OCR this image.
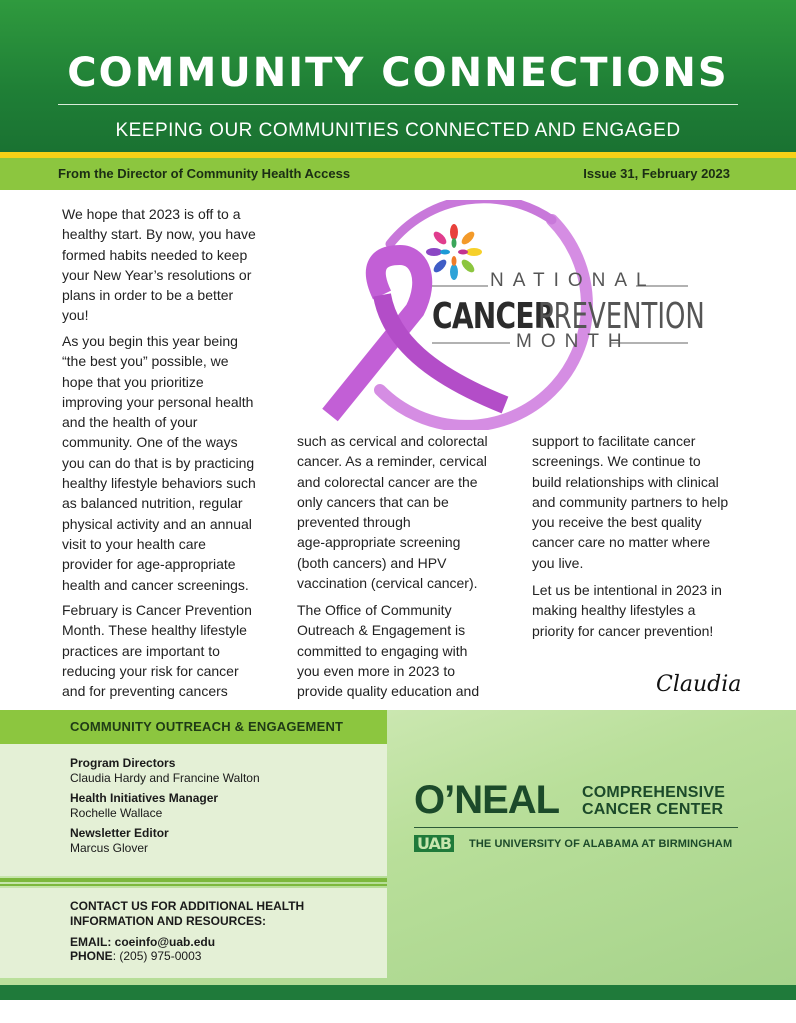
COMMUNITY CONNECTIONS
KEEPING OUR COMMUNITIES CONNECTED AND ENGAGED
From the Director of Community Health Access	Issue 31, February 2023
We hope that 2023 is off to a
healthy start. By now, you have
formed habits needed to keep
your New Year’s resolutions or
plans in order to be a better
you!
As you begin this year being
“the best you” possible, we
hope that you prioritize
improving your personal health
and the health of your
community. One of the ways
you can do that is by practicing
healthy lifestyle behaviors such
as balanced nutrition, regular
physical activity and an annual
visit to your health care
provider for age-appropriate
health and cancer screenings.
February is Cancer Prevention
Month. These healthy lifestyle
practices are important to
reducing your risk for cancer
and for preventing cancers
such as cervical and colorectal
cancer. As a reminder, cervical
and colorectal cancer are the
only cancers that can be
prevented through
age-appropriate screening
(both cancers) and HPV
vaccination (cervical cancer).
The Office of Community
Outreach & Engagement is
committed to engaging with
you even more in 2023 to
provide quality education and
support to facilitate cancer
screenings. We continue to
build relationships with clinical
and community partners to help
you receive the best quality
cancer care no matter where
you live.
Let us be intentional in 2023 in
making healthy lifestyles a
priority for cancer prevention!
NATIONAL
CANCER
PREVENTION
MONTH
Claudia
COMMUNITY OUTREACH & ENGAGEMENT
Program Directors
Claudia Hardy and Francine Walton
Health Initiatives Manager
Rochelle Wallace
Newsletter Editor
Marcus Glover
CONTACT US FOR ADDITIONAL HEALTH INFORMATION AND RESOURCES:
EMAIL: coeinfo@uab.edu
PHONE: (205) 975-0003
O’NEAL COMPREHENSIVE
CANCER CENTER
UAB THE UNIVERSITY OF ALABAMA AT BIRMINGHAM
